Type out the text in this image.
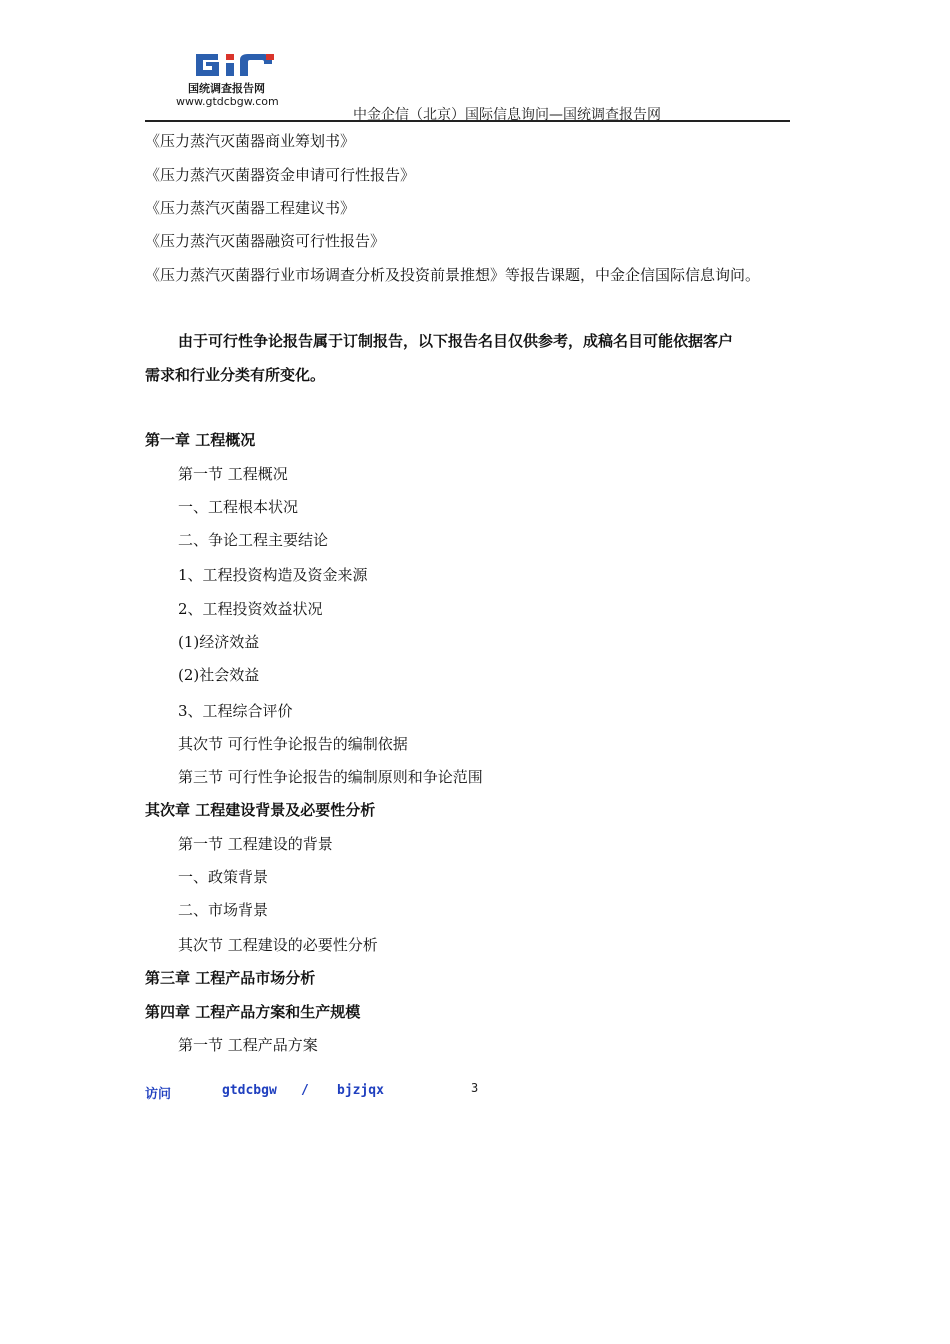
国统调查报告网
www.gtdcbgw.com
中金企信（北京）国际信息询问—国统调查报告网
《压力蒸汽灭菌器商业筹划书》
《压力蒸汽灭菌器资金申请可行性报告》
《压力蒸汽灭菌器工程建议书》
《压力蒸汽灭菌器融资可行性报告》
《压力蒸汽灭菌器行业市场调查分析及投资前景推想》等报告课题，中金企信国际信息询问。
由于可行性争论报告属于订制报告，以下报告名目仅供参考，成稿名目可能依据客户
需求和行业分类有所变化。
第一章 工程概况
第一节 工程概况
一、工程根本状况
二、争论工程主要结论
1、工程投资构造及资金来源
2、工程投资效益状况
(1)经济效益
(2)社会效益
3、工程综合评价
其次节 可行性争论报告的编制依据
第三节 可行性争论报告的编制原则和争论范围
其次章 工程建设背景及必要性分析
第一节 工程建设的背景
一、政策背景
二、市场背景
其次节 工程建设的必要性分析
第三章 工程产品市场分析
第四章 工程产品方案和生产规模
第一节 工程产品方案
访问	gtdcbgw / bjzjqx	3
